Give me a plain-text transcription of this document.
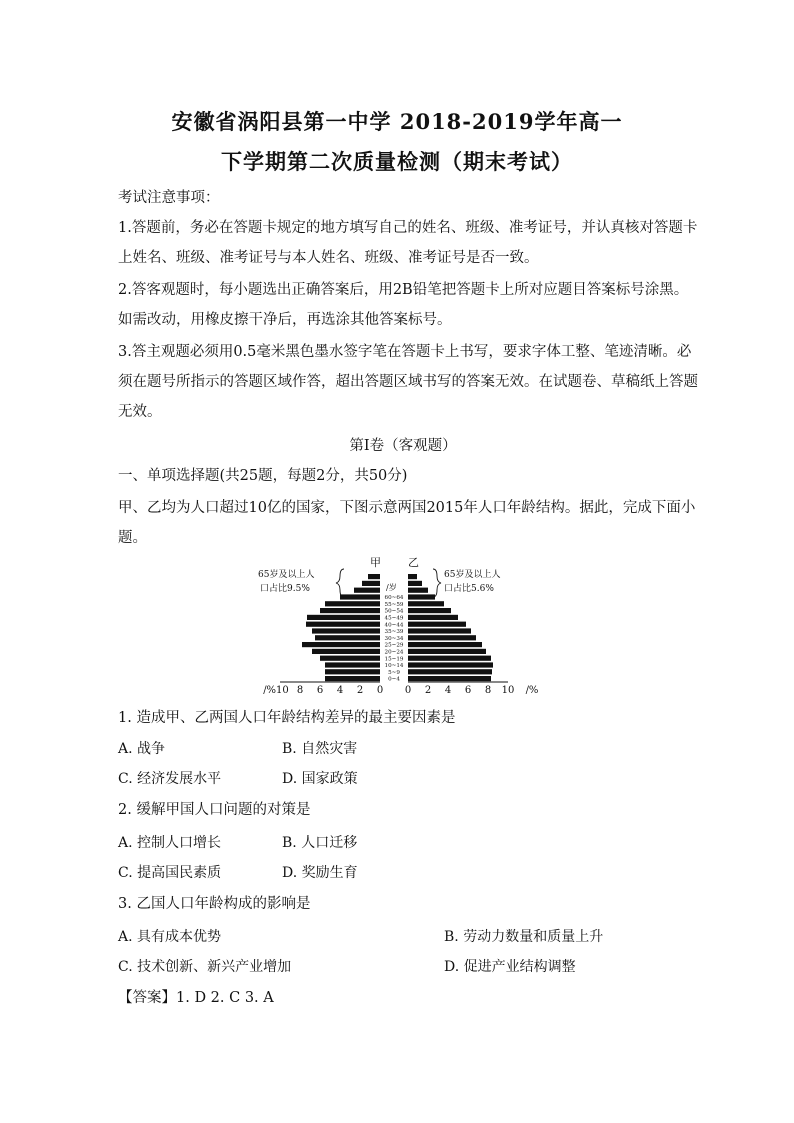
安徽省涡阳县第一中学 2018-2019学年高一
下学期第二次质量检测（期末考试）
考试注意事项：
1.答题前，务必在答题卡规定的地方填写自己的姓名、班级、准考证号，并认真核对答题卡
上姓名、班级、准考证号与本人姓名、班级、准考证号是否一致。
2.答客观题时，每小题选出正确答案后，用2B铅笔把答题卡上所对应题目答案标号涂黑。
如需改动，用橡皮擦干净后，再选涂其他答案标号。
3.答主观题必须用0.5毫米黑色墨水签字笔在答题卡上书写，要求字体工整、笔迹清晰。必
须在题号所指示的答题区域作答，超出答题区域书写的答案无效。在试题卷、草稿纸上答题
无效。
第Ⅰ卷（客观题）
一、单项选择题(共25题，每题2分，共50分)
甲、乙均为人口超过10亿的国家，下图示意两国2015年人口年龄结构。据此，完成下面小
题。
0~4
5~9
10~14
15~19
20~24
25~29
30~34
35~39
40~44
45~49
50~54
55~59
60~64
/%10 8 6 4 2 0 0 2 4 6 8 10 /%
甲 乙
/岁
65岁及以上人
口占比9.5%
65岁及以上人
口占比5.6%
1. 造成甲、乙两国人口年龄结构差异的最主要因素是
A. 战争	B. 自然灾害
C. 经济发展水平	D. 国家政策
2. 缓解甲国人口问题的对策是
A. 控制人口增长	B. 人口迁移
C. 提高国民素质	D. 奖励生育
3. 乙国人口年龄构成的影响是
A. 具有成本优势	B. 劳动力数量和质量上升
C. 技术创新、新兴产业增加	D. 促进产业结构调整
【答案】1. D 2. C 3. A
